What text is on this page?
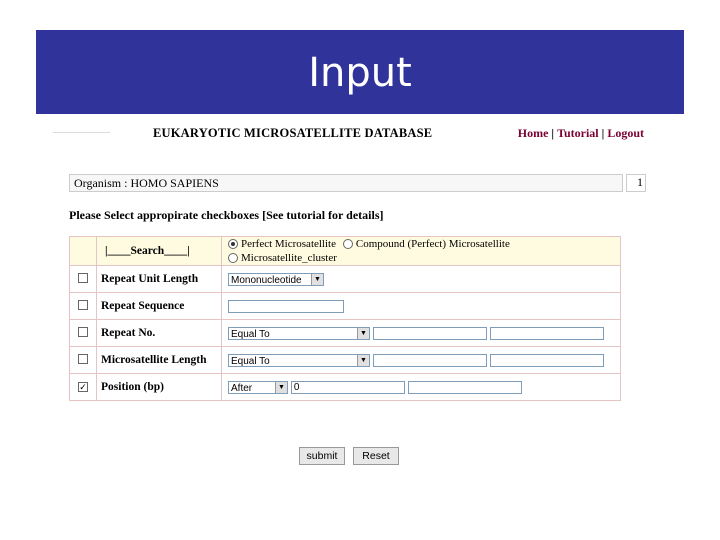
Input
EUKARYOTIC MICROSATELLITE DATABASE	Home | Tutorial | Logout
Organism : HOMO SAPIENS	1
Please Select appropirate checkboxes [See tutorial for details]
	|____Search____|	Perfect Microsatellite Compound (Perfect) Microsatellite
Microsatellite_cluster
	Repeat Unit Length	Mononucleotide ▼

	Repeat Sequence	
	Repeat No.	Equal To ▼

	Microsatellite Length	Equal To ▼

✓	Position (bp)	After ▼ 0
submit Reset
